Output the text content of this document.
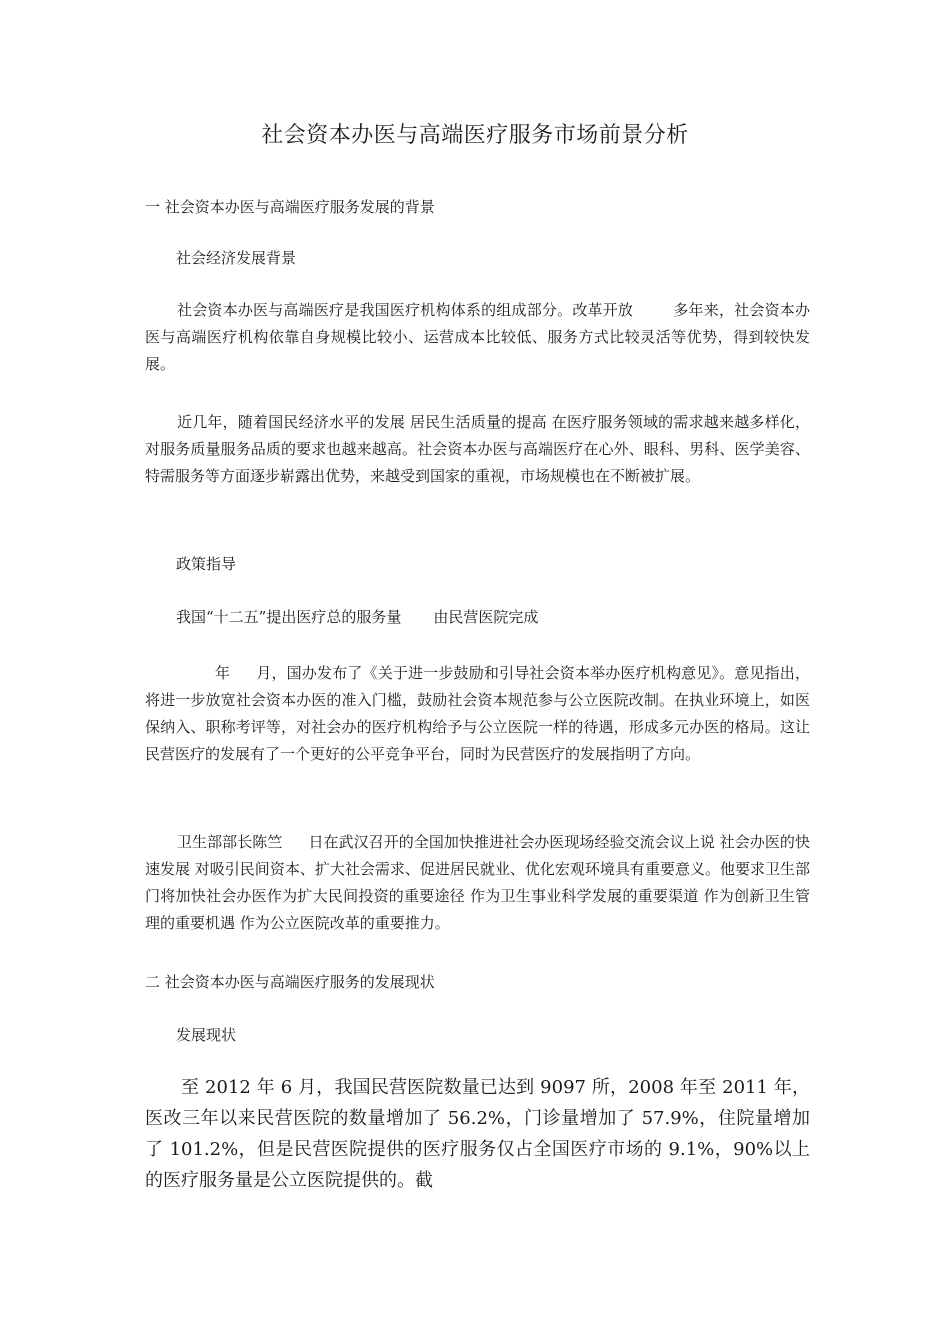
社会资本办医与高端医疗服务市场前景分析

一 社会资本办医与高端医疗服务发展的背景

社会经济发展背景

社会资本办医与高端医疗是我国医疗机构体系的组成部分。改革开放	多年来，社会资本办医与高端医疗机构依靠自身规模比较小、运营成本比较低、服务方式比较灵活等优势，得到较快发展。

近几年，随着国民经济水平的发展 居民生活质量的提高 在医疗服务领域的需求越来越多样化，对服务质量服务品质的要求也越来越高。社会资本办医与高端医疗在心外、眼科、男科、医学美容、特需服务等方面逐步崭露出优势，来越受到国家的重视，市场规模也在不断被扩展。

政策指导

我国“十二五”提出医疗总的服务量 由民营医院完成

年 月，国办发布了《关于进一步鼓励和引导社会资本举办医疗机构意见》。意见指出，将进一步放宽社会资本办医的准入门槛，鼓励社会资本规范参与公立医院改制。在执业环境上，如医保纳入、职称考评等，对社会办的医疗机构给予与公立医院一样的待遇，形成多元办医的格局。这让民营医疗的发展有了一个更好的公平竞争平台，同时为民营医疗的发展指明了方向。

卫生部部长陈竺 日在武汉召开的全国加快推进社会办医现场经验交流会议上说 社会办医的快速发展 对吸引民间资本、扩大社会需求、促进居民就业、优化宏观环境具有重要意义。他要求卫生部门将加快社会办医作为扩大民间投资的重要途径 作为卫生事业科学发展的重要渠道 作为创新卫生管理的重要机遇 作为公立医院改革的重要推力。

二 社会资本办医与高端医疗服务的发展现状

发展现状

至 2012 年 6 月，我国民营医院数量已达到 9097 所，2008 年至 2011 年，医改三年以来民营医院的数量增加了 56.2%，门诊量增加了 57.9%，住院量增加了 101.2%，但是民营医院提供的医疗服务仅占全国医疗市场的 9.1%，90%以上的医疗服务量是公立医院提供的。截
